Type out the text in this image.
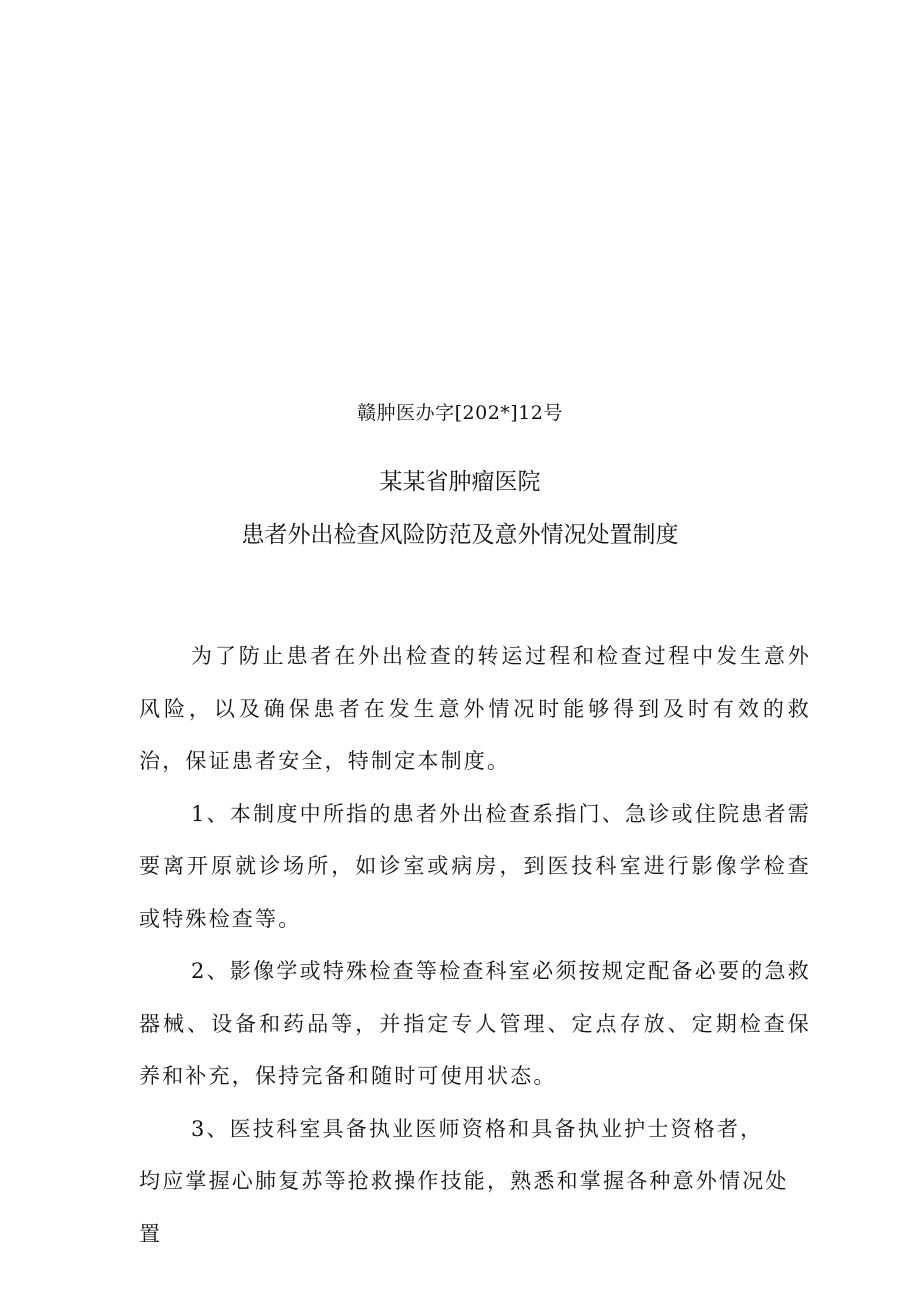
赣肿医办字[202*]12号
某某省肿瘤医院
患者外出检查风险防范及意外情况处置制度

为了防止患者在外出检查的转运过程和检查过程中发生意外风险，以及确保患者在发生意外情况时能够得到及时有效的救治，保证患者安全，特制定本制度。

1、本制度中所指的患者外出检查系指门、急诊或住院患者需要离开原就诊场所，如诊室或病房，到医技科室进行影像学检查或特殊检查等。

2、影像学或特殊检查等检查科室必须按规定配备必要的急救器械、设备和药品等，并指定专人管理、定点存放、定期检查保养和补充，保持完备和随时可使用状态。

3、医技科室具备执业医师资格和具备执业护士资格者，

均应掌握心肺复苏等抢救操作技能，熟悉和掌握各种意外情况处置
